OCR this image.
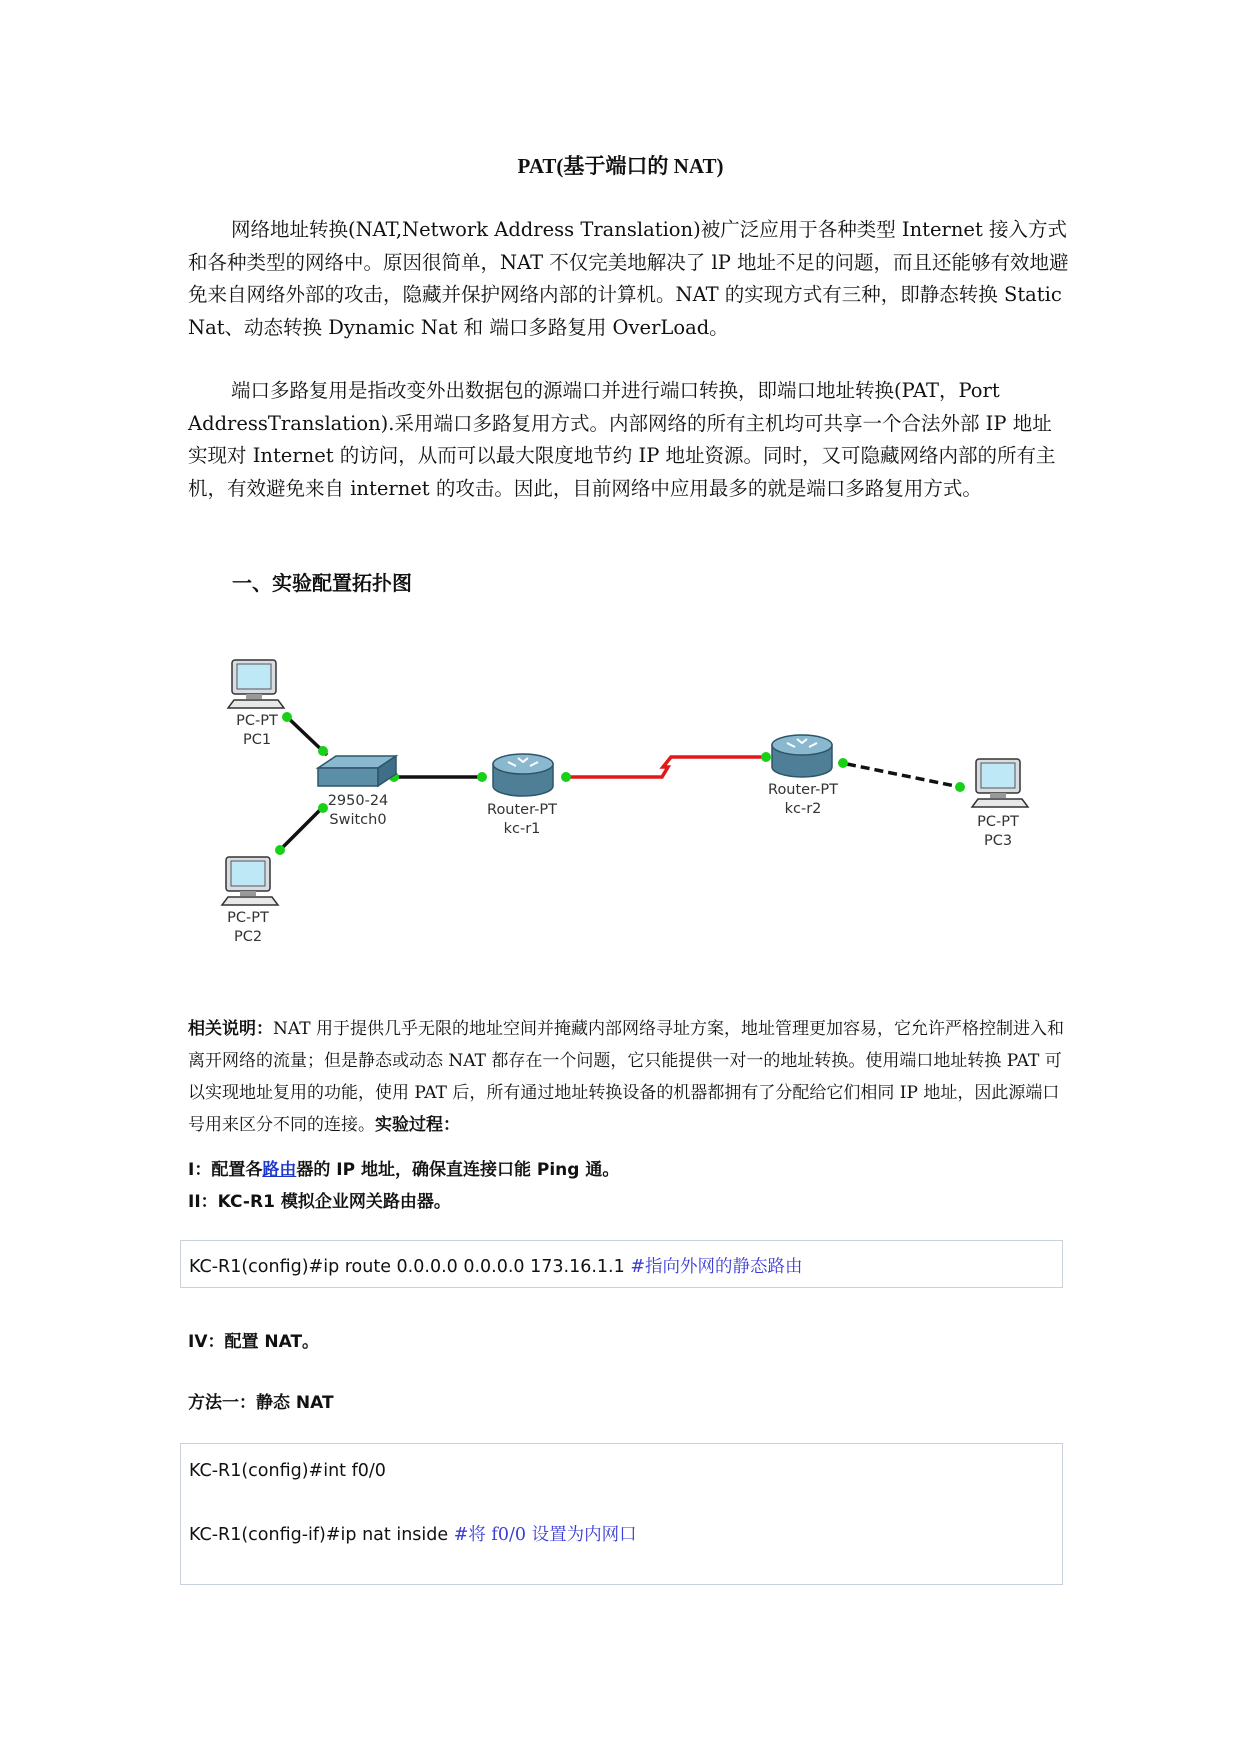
PAT(基于端口的 NAT)

网络地址转换(NAT,Network Address Translation)被广泛应用于各种类型 Internet 接入方式和各种类型的网络中。原因很简单，NAT 不仅完美地解决了 lP 地址不足的问题，而且还能够有效地避免来自网络外部的攻击，隐藏并保护网络内部的计算机。NAT 的实现方式有三种，即静态转换 Static Nat、动态转换 Dynamic Nat 和 端口多路复用 OverLoad。

端口多路复用是指改变外出数据包的源端口并进行端口转换，即端口地址转换(PAT，Port AddressTranslation).采用端口多路复用方式。内部网络的所有主机均可共享一个合法外部 IP 地址实现对 Internet 的访问，从而可以最大限度地节约 IP 地址资源。同时，又可隐藏网络内部的所有主机，有效避免来自 internet 的攻击。因此，目前网络中应用最多的就是端口多路复用方式。

一、实验配置拓扑图
PC-PT
PC1
PC-PT
PC2
PC-PT
PC3
2950-24
Switch0
Router-PT
kc-r1
Router-PT
kc-r2

相关说明：NAT 用于提供几乎无限的地址空间并掩藏内部网络寻址方案，地址管理更加容易，它允许严格控制进入和离开网络的流量；但是静态或动态 NAT 都存在一个问题，它只能提供一对一的地址转换。使用端口地址转换 PAT 可以实现地址复用的功能，使用 PAT 后，所有通过地址转换设备的机器都拥有了分配给它们相同 IP 地址，因此源端口号用来区分不同的连接。实验过程：

I：配置各路由器的 IP 地址，确保直连接口能 Ping 通。
II：KC-R1 模拟企业网关路由器。
KC-R1(config)#ip route 0.0.0.0 0.0.0.0 173.16.1.1 #指向外网的静态路由
IV：配置 NAT。
方法一：静态 NAT
KC-R1(config)#int f0/0
KC-R1(config-if)#ip nat inside #将 f0/0 设置为内网口
